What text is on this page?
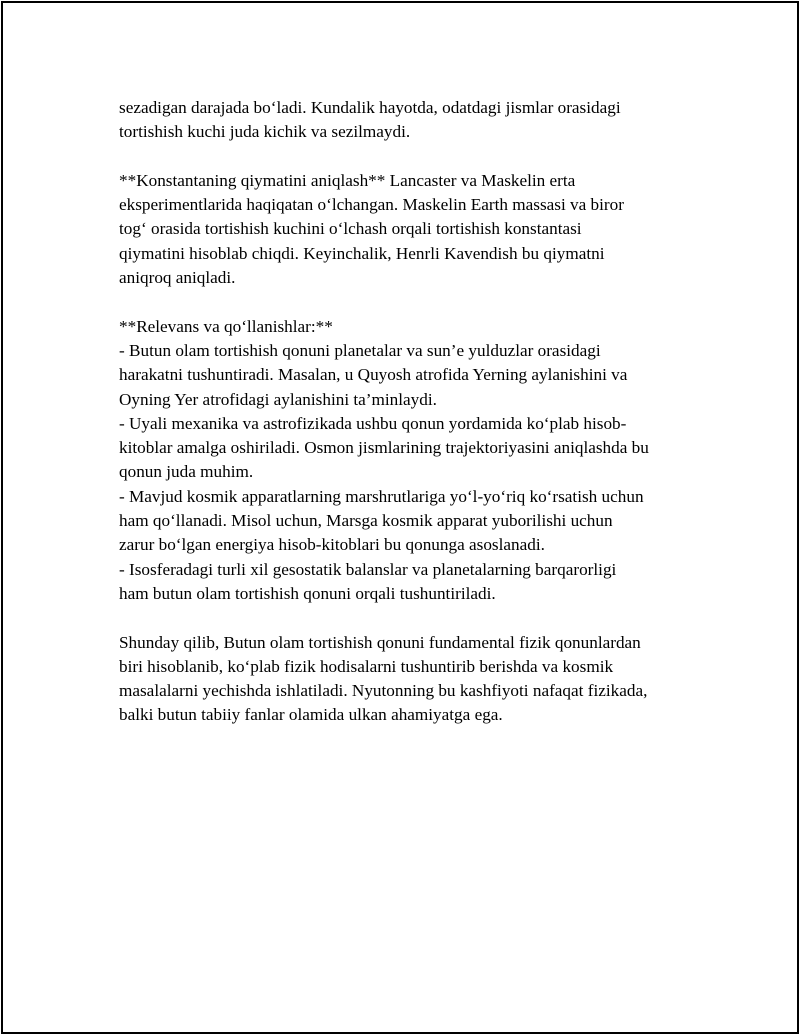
sezadigan darajada bo‘ladi. Kundalik hayotda, odatdagi jismlar orasidagi
tortishish kuchi juda kichik va sezilmaydi.
**Konstantaning qiymatini aniqlash** Lancaster va Maskelin erta
eksperimentlarida haqiqatan o‘lchangan. Maskelin Earth massasi va biror
tog‘ orasida tortishish kuchini o‘lchash orqali tortishish konstantasi
qiymatini hisoblab chiqdi. Keyinchalik, Henrli Kavendish bu qiymatni
aniqroq aniqladi.
**Relevans va qo‘llanishlar:**
- Butun olam tortishish qonuni planetalar va sun’e yulduzlar orasidagi
harakatni tushuntiradi. Masalan, u Quyosh atrofida Yerning aylanishini va
Oyning Yer atrofidagi aylanishini ta’minlaydi.
- Uyali mexanika va astrofizikada ushbu qonun yordamida ko‘plab hisob-
kitoblar amalga oshiriladi. Osmon jismlarining trajektoriyasini aniqlashda bu
qonun juda muhim.
- Mavjud kosmik apparatlarning marshrutlariga yo‘l-yo‘riq ko‘rsatish uchun
ham qo‘llanadi. Misol uchun, Marsga kosmik apparat yuborilishi uchun
zarur bo‘lgan energiya hisob-kitoblari bu qonunga asoslanadi.
- Isosferadagi turli xil gesostatik balanslar va planetalarning barqarorligi
ham butun olam tortishish qonuni orqali tushuntiriladi.
Shunday qilib, Butun olam tortishish qonuni fundamental fizik qonunlardan
biri hisoblanib, ko‘plab fizik hodisalarni tushuntirib berishda va kosmik
masalalarni yechishda ishlatiladi. Nyutonning bu kashfiyoti nafaqat fizikada,
balki butun tabiiy fanlar olamida ulkan ahamiyatga ega.
